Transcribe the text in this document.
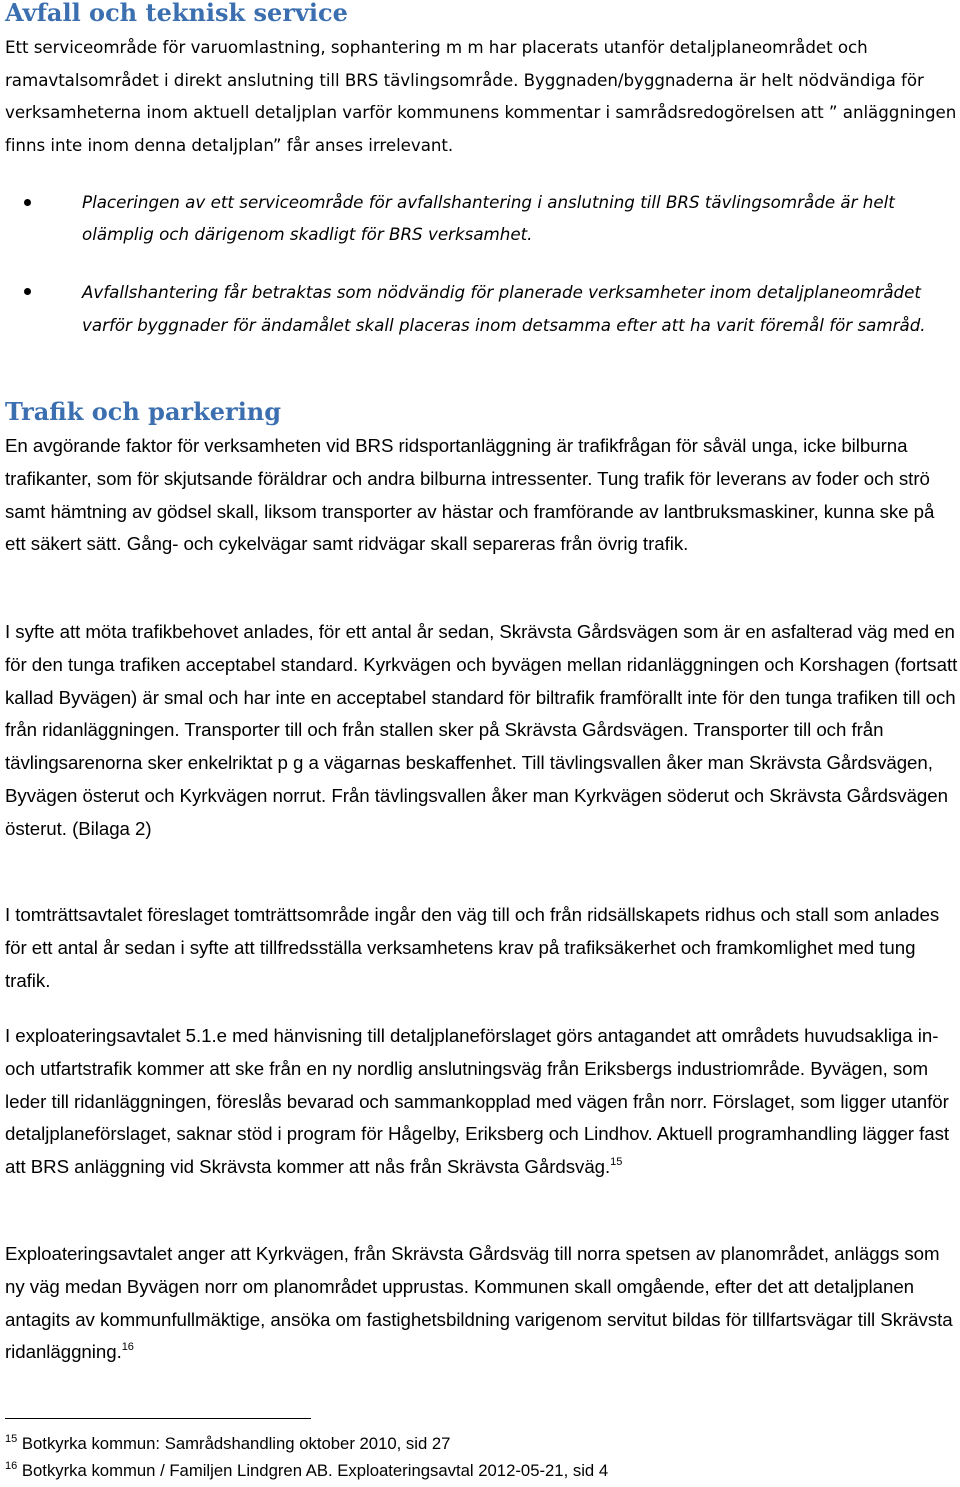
Avfall och teknisk service

Ett serviceområde för varuomlastning, sophantering m m har placerats utanför detaljplaneområdet och ramavtalsområdet i direkt anslutning till BRS tävlingsområde. Byggnaden/byggnaderna är helt nödvändiga för verksamheterna inom aktuell detaljplan varför kommunens kommentar i samrådsredogörelsen att ” anläggningen finns inte inom denna detaljplan” får anses irrelevant.

Placeringen av ett serviceområde för avfallshantering i anslutning till BRS tävlingsområde är helt olämplig och därigenom skadligt för BRS verksamhet.

Avfallshantering får betraktas som nödvändig för planerade verksamheter inom detaljplaneområdet varför byggnader för ändamålet skall placeras inom detsamma efter att ha varit föremål för samråd.

Trafik och parkering

En avgörande faktor för verksamheten vid BRS ridsportanläggning är trafikfrågan för såväl unga, icke bilburna trafikanter, som för skjutsande föräldrar och andra bilburna intressenter. Tung trafik för leverans av foder och strö samt hämtning av gödsel skall, liksom transporter av hästar och framförande av lantbruksmaskiner, kunna ske på ett säkert sätt. Gång- och cykelvägar samt ridvägar skall separeras från övrig trafik.

I syfte att möta trafikbehovet anlades, för ett antal år sedan, Skrävsta Gårdsvägen som är en asfalterad väg med en för den tunga trafiken acceptabel standard. Kyrkvägen och byvägen mellan ridanläggningen och Korshagen (fortsatt kallad Byvägen) är smal och har inte en acceptabel standard för biltrafik framförallt inte för den tunga trafiken till och från ridanläggningen. Transporter till och från stallen sker på Skrävsta Gårdsvägen. Transporter till och från tävlingsarenorna sker enkelriktat p g a vägarnas beskaffenhet. Till tävlingsvallen åker man Skrävsta Gårdsvägen, Byvägen österut och Kyrkvägen norrut. Från tävlingsvallen åker man Kyrkvägen söderut och Skrävsta Gårdsvägen österut. (Bilaga 2)

I tomträttsavtalet föreslaget tomträttsområde ingår den väg till och från ridsällskapets ridhus och stall som anlades för ett antal år sedan i syfte att tillfredsställa verksamhetens krav på trafiksäkerhet och framkomlighet med tung trafik.

I exploateringsavtalet 5.1.e med hänvisning till detaljplaneförslaget görs antagandet att områdets huvudsakliga in- och utfartstrafik kommer att ske från en ny nordlig anslutningsväg från Eriksbergs industriområde. Byvägen, som leder till ridanläggningen, föreslås bevarad och sammankopplad med vägen från norr. Förslaget, som ligger utanför detaljplaneförslaget, saknar stöd i program för Hågelby, Eriksberg och Lindhov. Aktuell programhandling lägger fast att BRS anläggning vid Skrävsta kommer att nås från Skrävsta Gårdsväg.$^{15}$

Exploateringsavtalet anger att Kyrkvägen, från Skrävsta Gårdsväg till norra spetsen av planområdet, anläggs som ny väg medan Byvägen norr om planområdet upprustas. Kommunen skall omgående, efter det att detaljplanen antagits av kommunfullmäktige, ansöka om fastighetsbildning varigenom servitut bildas för tillfartsvägar till Skrävsta ridanläggning.$^{16}$

$^{15}$ Botkyrka kommun: Samrådshandling oktober 2010, sid 27

$^{16}$ Botkyrka kommun / Familjen Lindgren AB. Exploateringsavtal 2012-05-21, sid 4
